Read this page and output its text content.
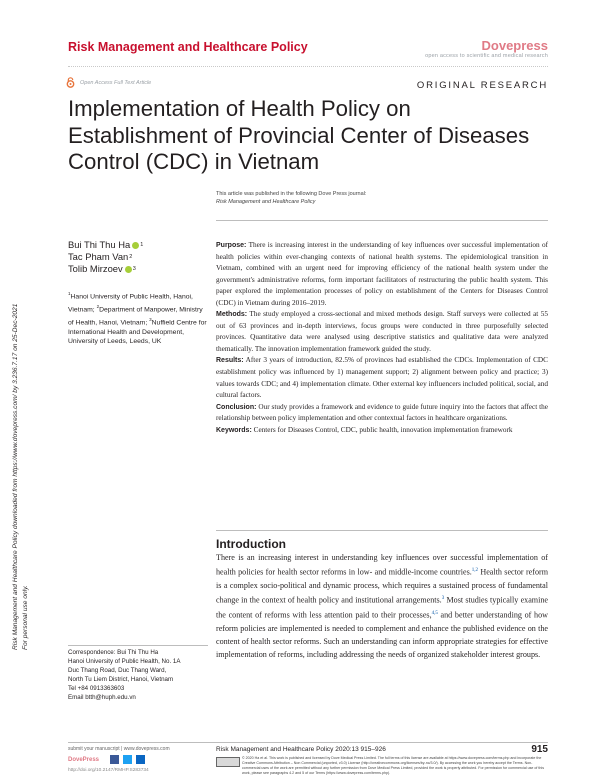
Risk Management and Healthcare Policy	Dovepress
open access to scientific and medical research
Open Access Full Text Article	ORIGINAL RESEARCH
Implementation of Health Policy on Establishment of Provincial Center of Diseases Control (CDC) in Vietnam
This article was published in the following Dove Press journal:
Risk Management and Healthcare Policy
Bui Thi Thu Ha 1
Tac Pham Van 2
Tolib Mirzoev 3
$^1$Hanoi University of Public Health, Hanoi, Vietnam; $^2$Department of Manpower, Ministry of Health, Hanoi, Vietnam; $^3$Nuffield Centre for International Health and Development, University of Leeds, Leeds, UK

Purpose: There is increasing interest in the understanding of key influences over successful implementation of health policies within ever-changing contexts of national health systems. The epidemiological transition in Vietnam, combined with an urgent need for improving efficiency of the national health system under the government's administrative reforms, form important facilitators of restructuring the public health system. This paper explored the implementation processes of policy on establishment of the Centers for Diseases Control (CDC) in Vietnam during 2016–2019.

Methods: The study employed a cross-sectional and mixed methods design. Staff surveys were collected at 55 out of 63 provinces and in-depth interviews, focus groups were conducted in three purposefully selected provinces. Quantitative data were analysed using descriptive statistics and qualitative data were analyzed thematically. The innovation implementation framework guided the study.

Results: After 3 years of introduction, 82.5% of provinces had established the CDCs. Implementation of CDC establishment policy was influenced by 1) management support; 2) alignment between policy and practice; 3) values towards CDC; and 4) implementation climate. Other external key influencers included political, social, and cultural factors.

Conclusion: Our study provides a framework and evidence to guide future inquiry into the factors that affect the relationship between policy implementation and other contextual factors in healthcare organizations.

Keywords: Centers for Diseases Control, CDC, public health, innovation implementation framework

Introduction
There is an increasing interest in understanding key influences over successful implementation of health policies for health sector reforms in low- and middle-income countries.$^{1,2}$ Health sector reform is a complex socio-political and dynamic process, which requires a sustained process of fundamental change in the context of health policy and institutional arrangements.$^3$ Most studies typically examine the content of reforms with less attention paid to their processes,$^{4,5}$ and better understanding of how reform policies are implemented is needed to complement and enhance the published evidence on the content of health sector reforms. Such an understanding can inform appropriate strategies for effective implementation of reforms, including addressing the needs of organized stakeholder interest groups.
Correspondence: Bui Thi Thu Ha
Hanoi University of Public Health, No. 1A
Duc Thang Road, Duc Thang Ward,
North Tu Liem District, Hanoi, Vietnam
Tel +84 0913363603
Email btth@huph.edu.vn
Risk Management and Healthcare Policy downloaded from https://www.dovepress.com/ by 3.236.7.17 on 25-Dec-2021 For personal use only.
submit your manuscript | www.dovepress.com
DovePress
http://doi.org/10.2147/RMHP.S283734
Risk Management and Healthcare Policy 2020:13 915–926	915
© 2020 Ha et al. This work is published and licensed by Dove Medical Press Limited. The full terms of this license are available at https://www.dovepress.com/terms.php and incorporate the Creative Commons Attribution – Non Commercial (unported, v3.0) License (http://creativecommons.org/licenses/by-nc/3.0/). By accessing the work you hereby accept the Terms. Non-commercial uses of the work are permitted without any further permission from Dove Medical Press Limited, provided the work is properly attributed. For permission for commercial use of this work, please see paragraphs 4.2 and 5 of our Terms (https://www.dovepress.com/terms.php).
